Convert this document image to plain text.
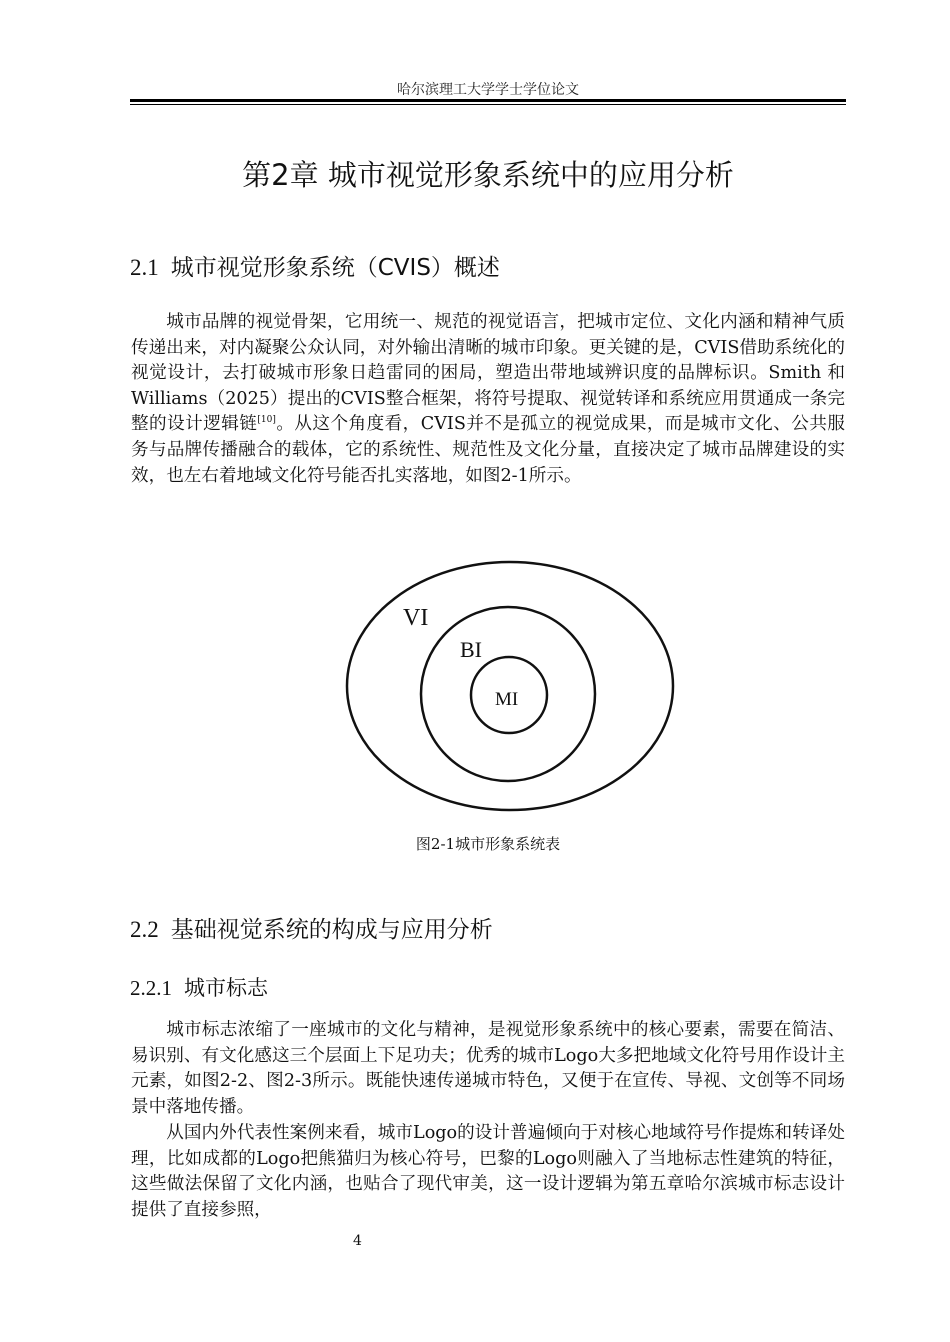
哈尔滨理工大学学士学位论文
第2章 城市视觉形象系统中的应用分析
2.1 城市视觉形象系统（CVIS）概述

城市品牌的视觉骨架，它用统一、规范的视觉语言，把城市定位、文化内涵和精神气质传递出来，对内凝聚公众认同，对外输出清晰的城市印象。更关键的是，CVIS借助系统化的视觉设计，去打破城市形象日趋雷同的困局，塑造出带地域辨识度的品牌标识。Smith 和 Williams（2025）提出的CVIS整合框架，将符号提取、视觉转译和系统应用贯通成一条完整的设计逻辑链[10]。从这个角度看，CVIS并不是孤立的视觉成果，而是城市文化、公共服务与品牌传播融合的载体，它的系统性、规范性及文化分量，直接决定了城市品牌建设的实效，也左右着地域文化符号能否扎实落地，如图2-1所示。

VI
BI
MI
图2-1城市形象系统表
2.2 基础视觉系统的构成与应用分析
2.2.1 城市标志

城市标志浓缩了一座城市的文化与精神，是视觉形象系统中的核心要素，需要在简洁、易识别、有文化感这三个层面上下足功夫；优秀的城市Logo大多把地域文化符号用作设计主元素，如图2-2、图2-3所示。既能快速传递城市特色，又便于在宣传、导视、文创等不同场景中落地传播。

从国内外代表性案例来看，城市Logo的设计普遍倾向于对核心地域符号作提炼和转译处理，比如成都的Logo把熊猫归为核心符号，巴黎的Logo则融入了当地标志性建筑的特征，这些做法保留了文化内涵，也贴合了现代审美，这一设计逻辑为第五章哈尔滨城市标志设计提供了直接参照，

4
